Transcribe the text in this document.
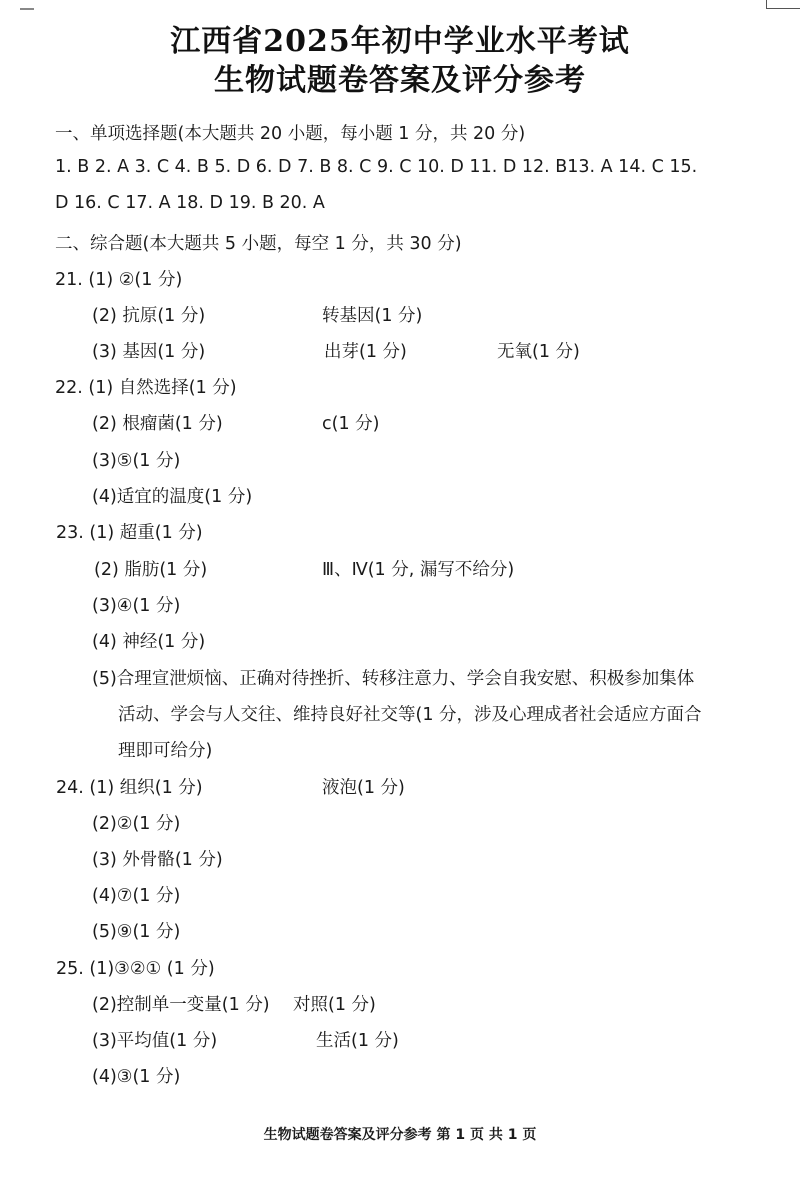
江西省2025年初中学业水平考试
生物试题卷答案及评分参考
一、单项选择题(本大题共 20 小题，每小题 1 分，共 20 分)
1. B 2. A 3. C 4. B 5. D 6. D 7. B 8. C 9. C 10. D 11. D 12. B13. A 14. C 15.
D 16. C 17. A 18. D 19. B 20. A
二、综合题(本大题共 5 小题，每空 1 分，共 30 分)
21. (1) ②(1 分)
(2) 抗原(1 分)	转基因(1 分)
(3) 基因(1 分)	出芽(1 分)	无氧(1 分)
22. (1) 自然选择(1 分)
(2) 根瘤菌(1 分)	c(1 分)
(3)⑤(1 分)
(4)适宜的温度(1 分)
23. (1) 超重(1 分)
(2) 脂肪(1 分)	Ⅲ、Ⅳ(1 分, 漏写不给分)
(3)④(1 分)
(4) 神经(1 分)
(5)合理宣泄烦恼、正确对待挫折、转移注意力、学会自我安慰、积极参加集体
活动、学会与人交往、维持良好社交等(1 分，涉及心理成者社会适应方面合
理即可给分)
24. (1) 组织(1 分)	液泡(1 分)
(2)②(1 分)
(3) 外骨骼(1 分)
(4)⑦(1 分)
(5)⑨(1 分)
25. (1)③②① (1 分)
(2)控制单一变量(1 分) 对照(1 分)
(3)平均值(1 分)	生活(1 分)
(4)③(1 分)
生物试题卷答案及评分参考 第 1 页 共 1 页
